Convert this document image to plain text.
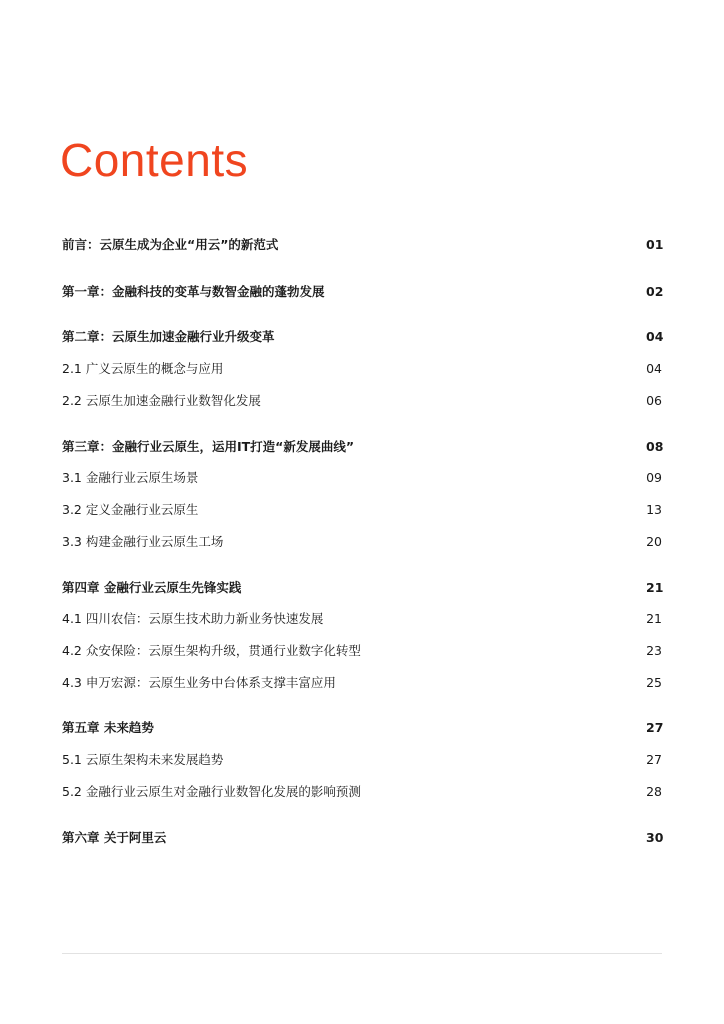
Contents
前言：云原生成为企业“用云”的新范式	01
第一章：金融科技的变革与数智金融的蓬勃发展	02
第二章：云原生加速金融行业升级变革	04
2.1 广义云原生的概念与应用	04
2.2 云原生加速金融行业数智化发展	06
第三章：金融行业云原生，运用IT打造“新发展曲线”	08
3.1 金融行业云原生场景	09
3.2 定义金融行业云原生	13
3.3 构建金融行业云原生工场	20
第四章 金融行业云原生先锋实践	21
4.1 四川农信：云原生技术助力新业务快速发展	21
4.2 众安保险：云原生架构升级，贯通行业数字化转型	23
4.3 申万宏源：云原生业务中台体系支撑丰富应用	25
第五章 未来趋势	27
5.1 云原生架构未来发展趋势	27
5.2 金融行业云原生对金融行业数智化发展的影响预测	28
第六章 关于阿里云	30
